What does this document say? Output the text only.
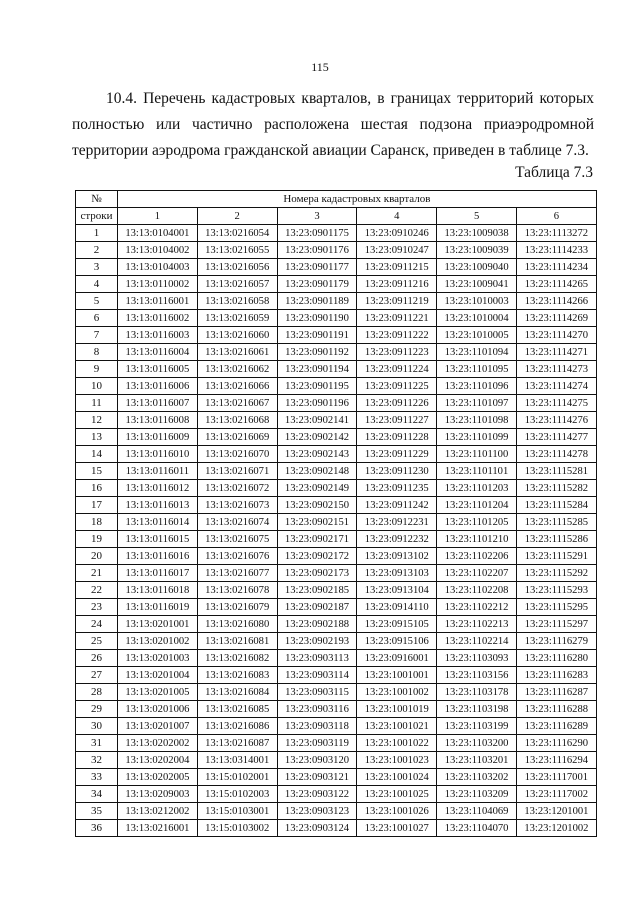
115
10.4. Перечень кадастровых кварталов, в границах территорий которых полностью или частично расположена шестая подзона приаэродромной территории аэродрома гражданской авиации Саранск, приведен в таблице 7.3.
Таблица 7.3
№	Номера кадастровых кварталов					
строки	1	2	3	4	5	6
1	13:13:0104001	13:13:0216054	13:23:0901175	13:23:0910246	13:23:1009038	13:23:1113272
2	13:13:0104002	13:13:0216055	13:23:0901176	13:23:0910247	13:23:1009039	13:23:1114233
3	13:13:0104003	13:13:0216056	13:23:0901177	13:23:0911215	13:23:1009040	13:23:1114234
4	13:13:0110002	13:13:0216057	13:23:0901179	13:23:0911216	13:23:1009041	13:23:1114265
5	13:13:0116001	13:13:0216058	13:23:0901189	13:23:0911219	13:23:1010003	13:23:1114266
6	13:13:0116002	13:13:0216059	13:23:0901190	13:23:0911221	13:23:1010004	13:23:1114269
7	13:13:0116003	13:13:0216060	13:23:0901191	13:23:0911222	13:23:1010005	13:23:1114270
8	13:13:0116004	13:13:0216061	13:23:0901192	13:23:0911223	13:23:1101094	13:23:1114271
9	13:13:0116005	13:13:0216062	13:23:0901194	13:23:0911224	13:23:1101095	13:23:1114273
10	13:13:0116006	13:13:0216066	13:23:0901195	13:23:0911225	13:23:1101096	13:23:1114274
11	13:13:0116007	13:13:0216067	13:23:0901196	13:23:0911226	13:23:1101097	13:23:1114275
12	13:13:0116008	13:13:0216068	13:23:0902141	13:23:0911227	13:23:1101098	13:23:1114276
13	13:13:0116009	13:13:0216069	13:23:0902142	13:23:0911228	13:23:1101099	13:23:1114277
14	13:13:0116010	13:13:0216070	13:23:0902143	13:23:0911229	13:23:1101100	13:23:1114278
15	13:13:0116011	13:13:0216071	13:23:0902148	13:23:0911230	13:23:1101101	13:23:1115281
16	13:13:0116012	13:13:0216072	13:23:0902149	13:23:0911235	13:23:1101203	13:23:1115282
17	13:13:0116013	13:13:0216073	13:23:0902150	13:23:0911242	13:23:1101204	13:23:1115284
18	13:13:0116014	13:13:0216074	13:23:0902151	13:23:0912231	13:23:1101205	13:23:1115285
19	13:13:0116015	13:13:0216075	13:23:0902171	13:23:0912232	13:23:1101210	13:23:1115286
20	13:13:0116016	13:13:0216076	13:23:0902172	13:23:0913102	13:23:1102206	13:23:1115291
21	13:13:0116017	13:13:0216077	13:23:0902173	13:23:0913103	13:23:1102207	13:23:1115292
22	13:13:0116018	13:13:0216078	13:23:0902185	13:23:0913104	13:23:1102208	13:23:1115293
23	13:13:0116019	13:13:0216079	13:23:0902187	13:23:0914110	13:23:1102212	13:23:1115295
24	13:13:0201001	13:13:0216080	13:23:0902188	13:23:0915105	13:23:1102213	13:23:1115297
25	13:13:0201002	13:13:0216081	13:23:0902193	13:23:0915106	13:23:1102214	13:23:1116279
26	13:13:0201003	13:13:0216082	13:23:0903113	13:23:0916001	13:23:1103093	13:23:1116280
27	13:13:0201004	13:13:0216083	13:23:0903114	13:23:1001001	13:23:1103156	13:23:1116283
28	13:13:0201005	13:13:0216084	13:23:0903115	13:23:1001002	13:23:1103178	13:23:1116287
29	13:13:0201006	13:13:0216085	13:23:0903116	13:23:1001019	13:23:1103198	13:23:1116288
30	13:13:0201007	13:13:0216086	13:23:0903118	13:23:1001021	13:23:1103199	13:23:1116289
31	13:13:0202002	13:13:0216087	13:23:0903119	13:23:1001022	13:23:1103200	13:23:1116290
32	13:13:0202004	13:13:0314001	13:23:0903120	13:23:1001023	13:23:1103201	13:23:1116294
33	13:13:0202005	13:15:0102001	13:23:0903121	13:23:1001024	13:23:1103202	13:23:1117001
34	13:13:0209003	13:15:0102003	13:23:0903122	13:23:1001025	13:23:1103209	13:23:1117002
35	13:13:0212002	13:15:0103001	13:23:0903123	13:23:1001026	13:23:1104069	13:23:1201001
36	13:13:0216001	13:15:0103002	13:23:0903124	13:23:1001027	13:23:1104070	13:23:1201002
